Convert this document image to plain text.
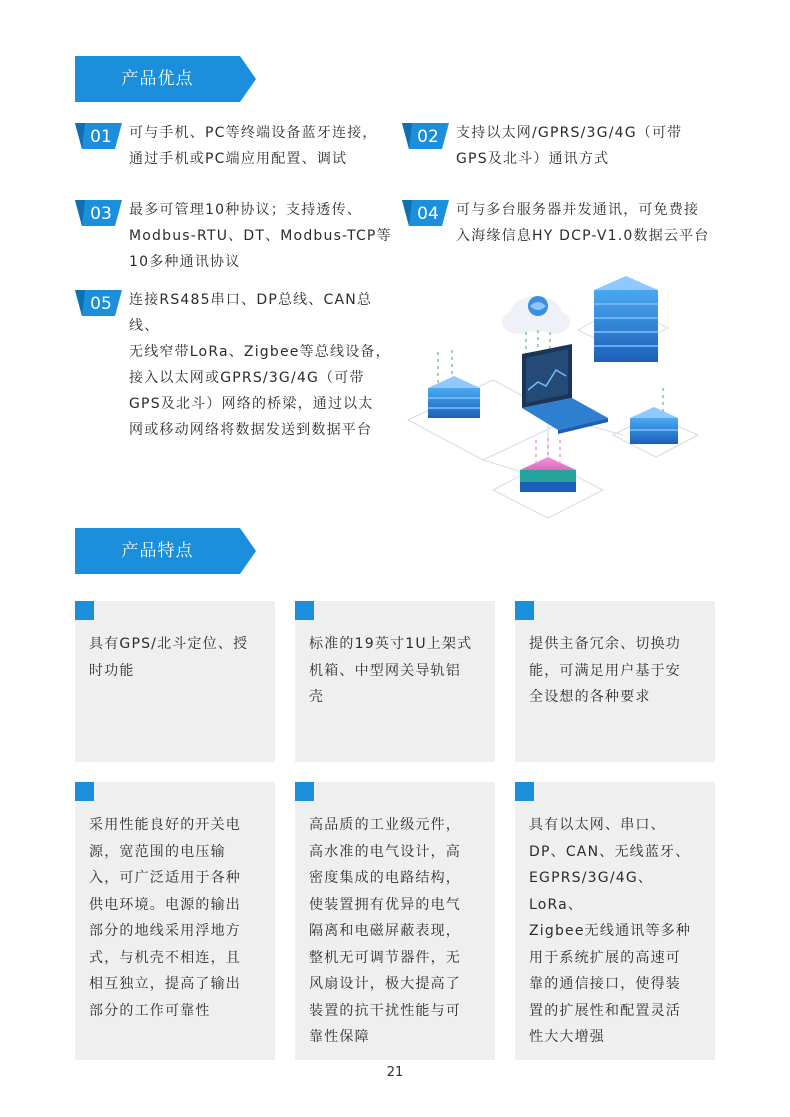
产品优点
01	可与手机、PC等终端设备蓝牙连接，
通过手机或PC端应用配置、调试
02	支持以太网/GPRS/3G/4G（可带
GPS及北斗）通讯方式
03	最多可管理10种协议；支持透传、
Modbus-RTU、DT、Modbus-TCP等
10多种通讯协议
04	可与多台服务器并发通讯，可免费接
入海缘信息HY DCP-V1.0数据云平台
05	连接RS485串口、DP总线、CAN总线、
无线窄带LoRa、Zigbee等总线设备，
接入以太网或GPRS/3G/4G（可带
GPS及北斗）网络的桥梁，通过以太
网或移动网络将数据发送到数据平台
产品特点
具有GPS/北斗定位、授
时功能
标准的19英寸1U上架式
机箱、中型网关导轨铝
壳
提供主备冗余、切换功
能，可满足用户基于安
全设想的各种要求
采用性能良好的开关电
源，宽范围的电压输
入，可广泛适用于各种
供电环境。电源的输出
部分的地线采用浮地方
式，与机壳不相连，且
相互独立，提高了输出
部分的工作可靠性
高品质的工业级元件，
高水准的电气设计，高
密度集成的电路结构，
使装置拥有优异的电气
隔离和电磁屏蔽表现，
整机无可调节器件，无
风扇设计，极大提高了
装置的抗干扰性能与可
靠性保障
具有以太网、串口、
DP、CAN、无线蓝牙、
EGPRS/3G/4G、LoRa、
Zigbee无线通讯等多种
用于系统扩展的高速可
靠的通信接口，使得装
置的扩展性和配置灵活
性大大增强
21
